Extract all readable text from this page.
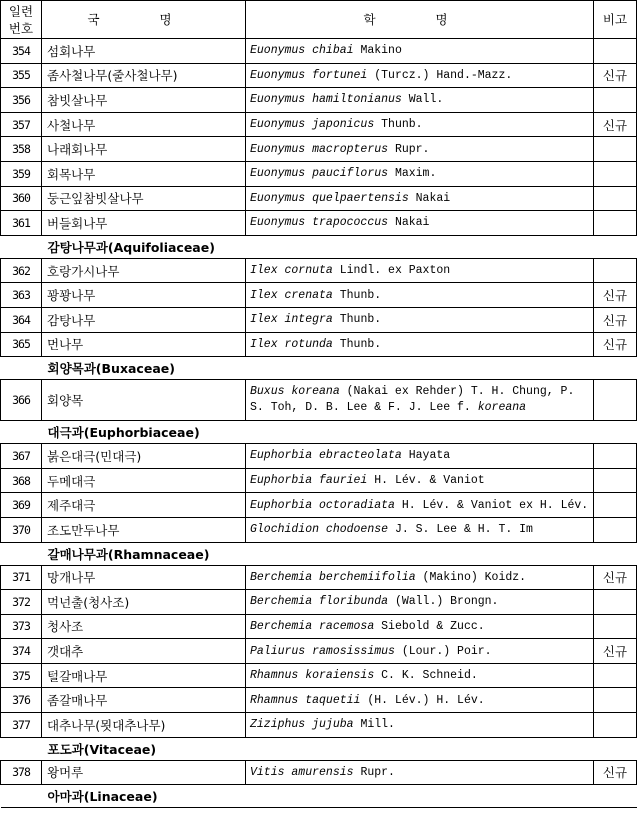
일련
번호	국 명	학 명	비고
354	섬회나무	Euonymus chibai Makino	
355	좀사철나무(줄사철나무)	Euonymus fortunei (Turcz.) Hand.-Mazz.	신규
356	참빗살나무	Euonymus hamiltonianus Wall.	
357	사철나무	Euonymus japonicus Thunb.	신규
358	나래회나무	Euonymus macropterus Rupr.	
359	회목나무	Euonymus pauciflorus Maxim.	
360	둥근잎참빗살나무	Euonymus quelpaertensis Nakai	
361	버들회나무	Euonymus trapococcus Nakai	
감탕나무과(Aquifoliaceae)			
362	호랑가시나무	Ilex cornuta Lindl. ex Paxton	
363	꽝꽝나무	Ilex crenata Thunb.	신규
364	감탕나무	Ilex integra Thunb.	신규
365	먼나무	Ilex rotunda Thunb.	신규
회양목과(Buxaceae)			
366	회양목	Buxus koreana (Nakai ex Rehder) T. H. Chung, P. S. Toh, D. B. Lee & F. J. Lee f. koreana	
대극과(Euphorbiaceae)			
367	붉은대극(민대극)	Euphorbia ebracteolata Hayata	
368	두메대극	Euphorbia fauriei H. Lév. & Vaniot	
369	제주대극	Euphorbia octoradiata H. Lév. & Vaniot ex H. Lév.	
370	조도만두나무	Glochidion chodoense J. S. Lee & H. T. Im	
갈매나무과(Rhamnaceae)			
371	망개나무	Berchemia berchemiifolia (Makino) Koidz.	신규
372	먹넌출(청사조)	Berchemia floribunda (Wall.) Brongn.	
373	청사조	Berchemia racemosa Siebold & Zucc.	
374	갯대추	Paliurus ramosissimus (Lour.) Poir.	신규
375	털갈매나무	Rhamnus koraiensis C. K. Schneid.	
376	좀갈매나무	Rhamnus taquetii (H. Lév.) H. Lév.	
377	대추나무(묏대추나무)	Ziziphus jujuba Mill.	
포도과(Vitaceae)			
378	왕머루	Vitis amurensis Rupr.	신규
아마과(Linaceae)			
